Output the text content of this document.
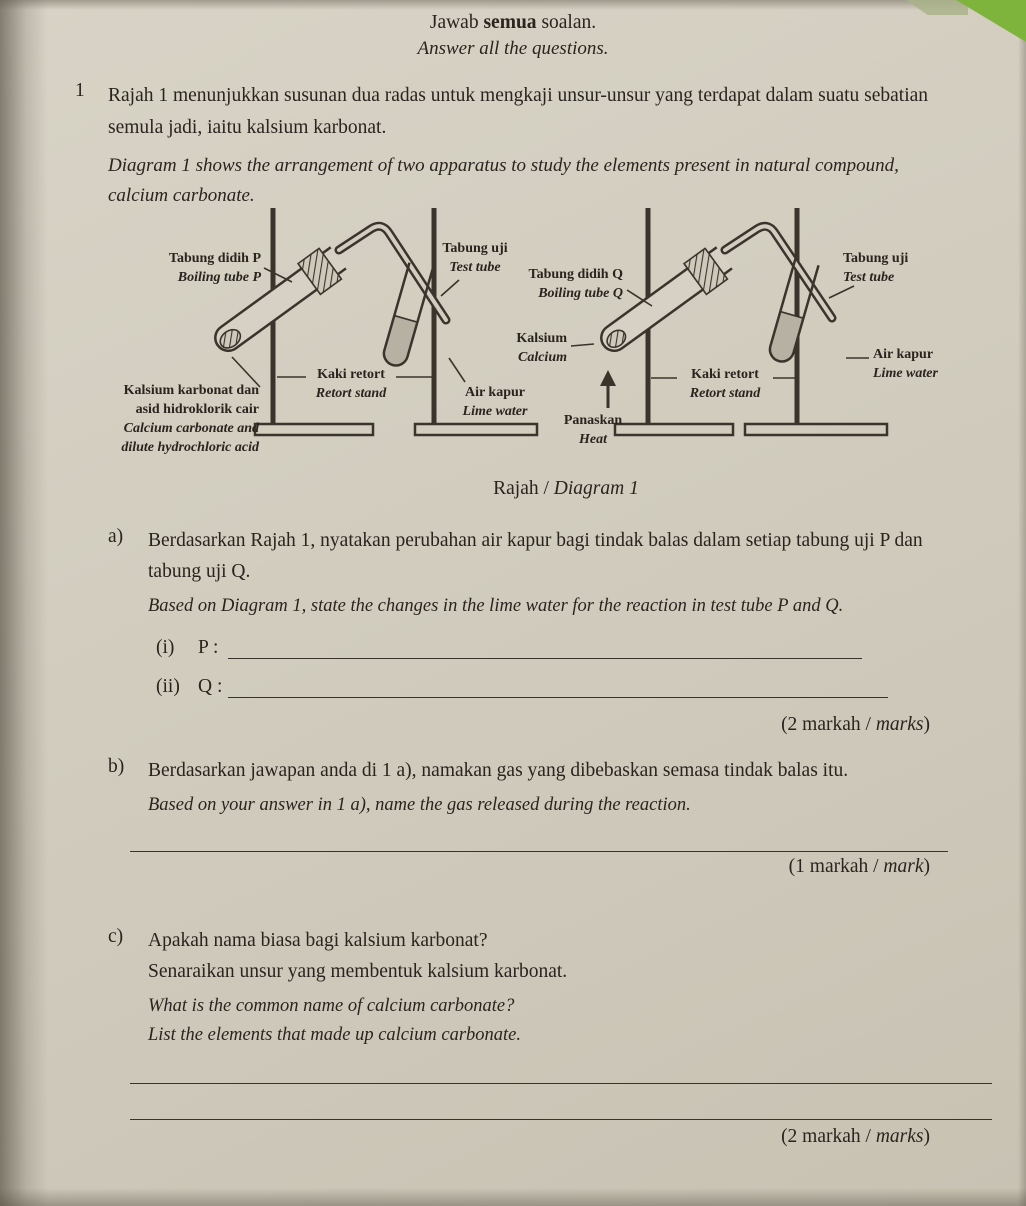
Jawab semua soalan.
Answer all the questions.
1	Rajah 1 menunjukkan susunan dua radas untuk mengkaji unsur-unsur yang terdapat dalam suatu sebatian semula jadi, iaitu kalsium karbonat.

Diagram 1 shows the arrangement of two apparatus to study the elements present in natural compound, calcium carbonate.

Tabung didih P
Boiling tube P
Tabung uji
Test tube
Kaki retort
Retort stand
Kalsium karbonat dan
asid hidroklorik cair
Calcium carbonate and
dilute hydrochloric acid
Air kapur
Lime water
Tabung didih Q
Boiling tube Q
Kalsium
Calcium
Tabung uji
Test tube
Air kapur
Lime water
Kaki retort
Retort stand
Panaskan
Heat
Rajah / Diagram 1
a)	Berdasarkan Rajah 1, nyatakan perubahan air kapur bagi tindak balas dalam setiap tabung uji P dan tabung uji Q.

Based on Diagram 1, state the changes in the lime water for the reaction in test tube P and Q.

(i)	P :
(ii) Q :
(2 markah / marks)
b)	Berdasarkan jawapan anda di 1 a), namakan gas yang dibebaskan semasa tindak balas itu.

Based on your answer in 1 a), name the gas released during the reaction.

(1 markah / mark)
c)	Apakah nama biasa bagi kalsium karbonat?

Senaraikan unsur yang membentuk kalsium karbonat.

What is the common name of calcium carbonate?

List the elements that made up calcium carbonate.

(2 markah / marks)
